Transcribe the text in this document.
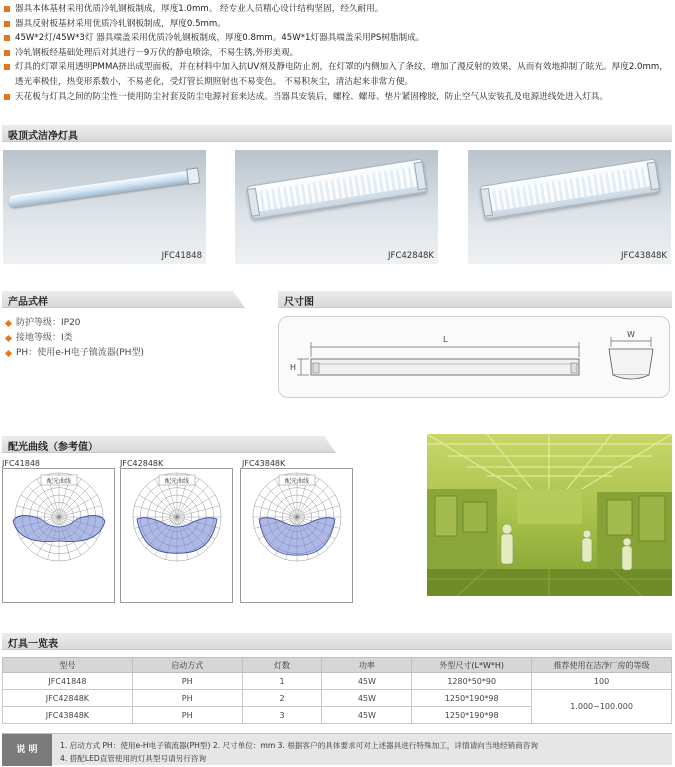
器具本体基材采用优质冷轧钢板制成，厚度1.0mm。 经专业人员精心设计结构坚固，经久耐用。
器具反射板基材采用优质冷轧钢板制成，厚度0.5mm。
45W*2灯/45W*3灯 器具端盖采用优质冷轧钢板制成，厚度0.8mm。45W*1灯器具端盖采用PS树脂制成。
冷轧钢板经基础处理后对其进行－9万伏的静电喷涂，不易生锈,外形美观。
灯具的灯罩采用透明PMMA挤出成型面板，并在材料中加入抗UV剂及静电防止剂，在灯罩的内侧加入了条纹，增加了漫反射的效果，从而有效地抑制了眩光。厚度2.0mm，透光率极佳，热变形系数小，不易老化，受灯管长期照射也不易变色。 不易积灰尘，清洁起来非常方便。
天花板与灯具之间的防尘性一使用防尘衬套及防尘电源衬套来达成。当器具安装后，螺栓、螺母、垫片紧固橡胶，防止空气从安装孔及电源进线处进入灯具。
吸顶式洁净灯具
JFC41848	JFC42848K	JFC43848K
产品式样
防护等级：IP20
接地等级：I类
PH：使用e-H电子镇流器(PH型)
尺寸图
L
H
W
配光曲线（参考值）
JFC41848	JFC42848K	JFC43848K
配光曲线	配光曲线	配光曲线
灯具一览表
型号	启动方式	灯数	功率	外型尺寸(L*W*H)	推荐使用在洁净厂房的等级
JFC41848	PH	1	45W	1280*50*90	100
JFC42848K	PH	2	45W	1250*190*98	1.000~100.000
JFC43848K	PH	3	45W	1250*190*98	
说 明	1. 启动方式 PH：使用e-H电子镇流器(PH型) 2. 尺寸单位：mm 3. 根据客户的具体要求可对上述器具进行特殊加工，详情请向当地经销商咨询
4. 搭配LED直管使用的灯具型号请另行咨询
